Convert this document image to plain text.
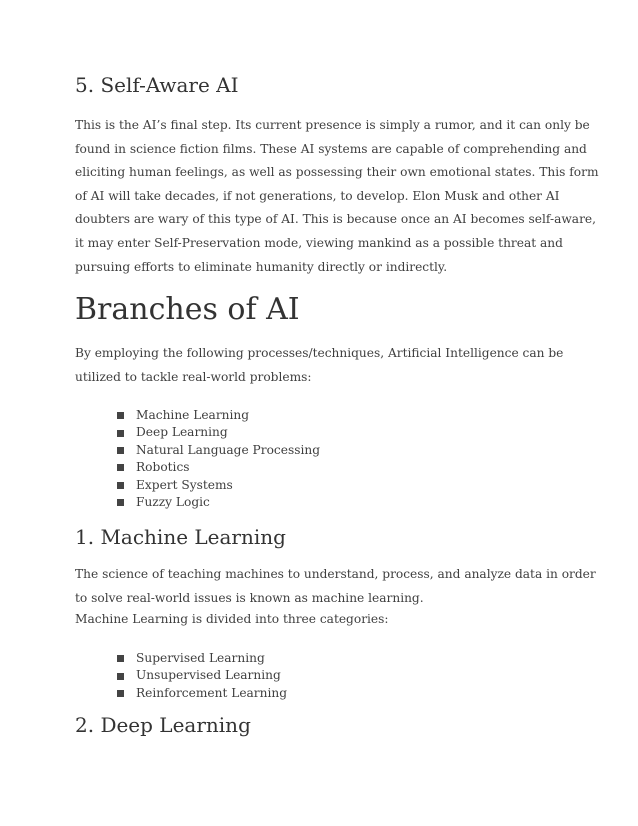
5. Self-Aware AI
This is the AI’s final step. Its current presence is simply a rumor, and it can only be
found in science fiction films. These AI systems are capable of comprehending and
eliciting human feelings, as well as possessing their own emotional states. This form
of AI will take decades, if not generations, to develop. Elon Musk and other AI
doubters are wary of this type of AI. This is because once an AI becomes self-aware,
it may enter Self-Preservation mode, viewing mankind as a possible threat and
pursuing efforts to eliminate humanity directly or indirectly.
Branches of AI
By employing the following processes/techniques, Artificial Intelligence can be
utilized to tackle real-world problems:
Machine Learning
Deep Learning
Natural Language Processing
Robotics
Expert Systems
Fuzzy Logic
1. Machine Learning
The science of teaching machines to understand, process, and analyze data in order
to solve real-world issues is known as machine learning.
Machine Learning is divided into three categories:
Supervised Learning
Unsupervised Learning
Reinforcement Learning
2. Deep Learning
